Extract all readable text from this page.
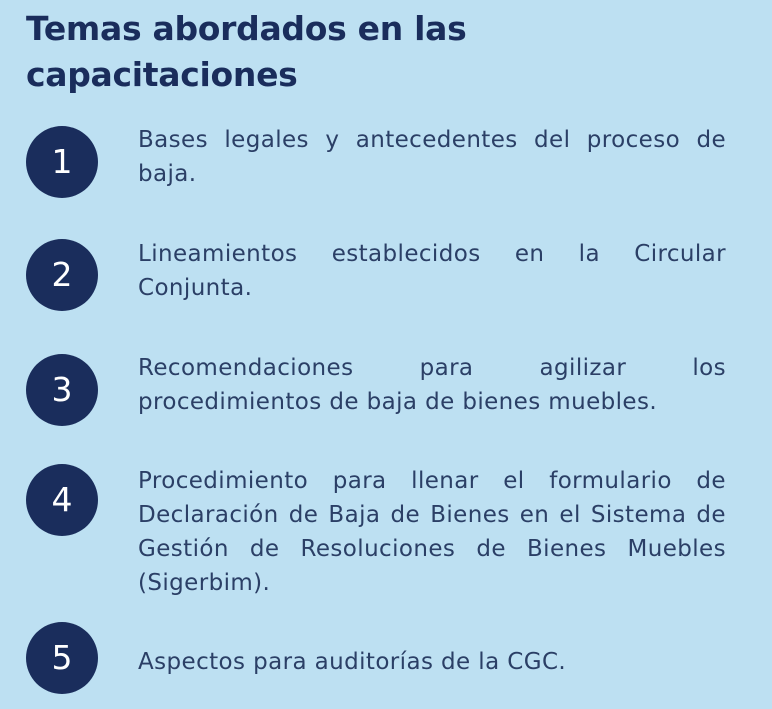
Temas abordados en las capacitaciones
1

Bases legales y antecedentes del proceso de baja.

2

Lineamientos establecidos en la Circular Conjunta.

3

Recomendaciones para agilizar los procedimientos de baja de bienes muebles.

4	Procedimiento para llenar el formulario de Declaración de Baja de Bienes en el Sistema de Gestión de Resoluciones de Bienes Muebles (Sigerbim).

5	Aspectos para auditorías de la CGC.
